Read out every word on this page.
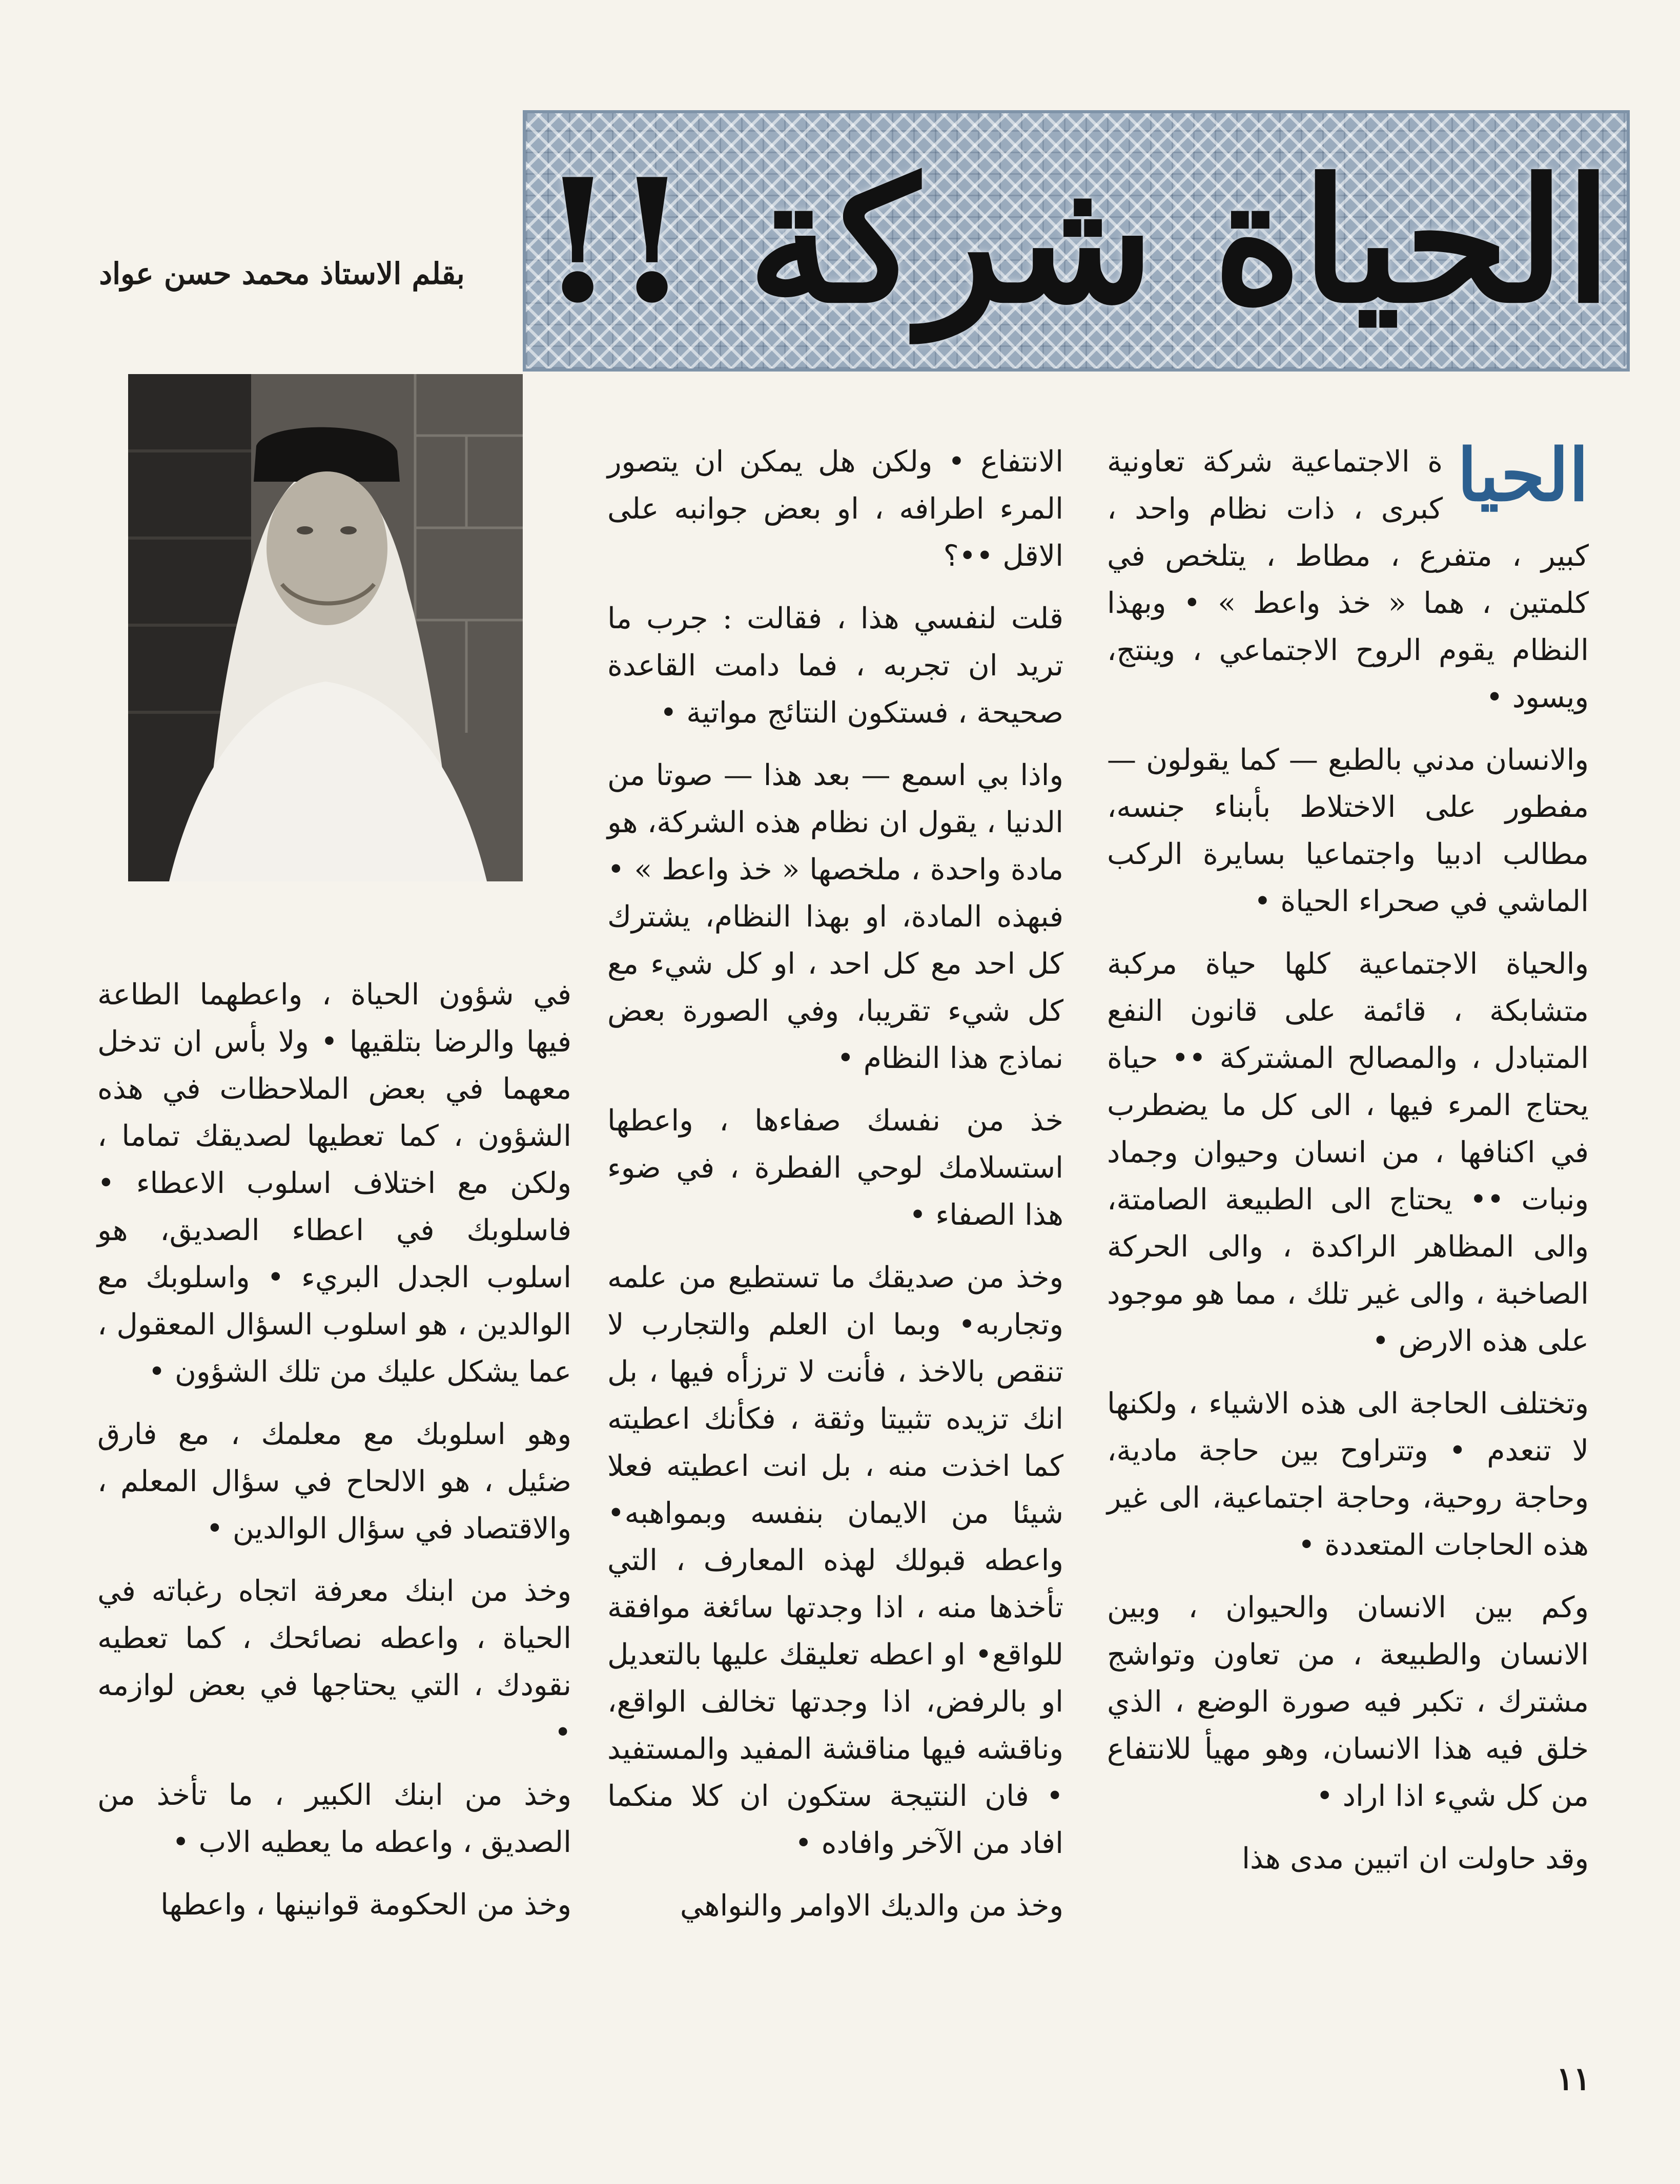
الحياة شركة !!
بقلم الاستاذ محمد حسن عواد

الحيا
ة الاجتماعية شركة تعاونية كبرى ، ذات نظام واحد ، كبير ، متفرع ، مطاط ، يتلخص في كلمتين ، هما « خذ واعط » • وبهذا النظام يقوم الروح الاجتماعي ، وينتج، ويسود •

والانسان مدني بالطبع — كما يقولون — مفطور على الاختلاط بأبناء جنسه، مطالب ادبيا واجتماعيا بسايرة الركب الماشي في صحراء الحياة •

والحياة الاجتماعية كلها حياة مركبة متشابكة ، قائمة على قانون النفع المتبادل ، والمصالح المشتركة •• حياة يحتاج المرء فيها ، الى كل ما يضطرب في اكنافها ، من انسان وحيوان وجماد ونبات •• يحتاج الى الطبيعة الصامتة، والى المظاهر الراكدة ، والى الحركة الصاخبة ، والى غير تلك ، مما هو موجود على هذه الارض •

وتختلف الحاجة الى هذه الاشياء ، ولكنها لا تنعدم • وتتراوح بين حاجة مادية، وحاجة روحية، وحاجة اجتماعية، الى غير هذه الحاجات المتعددة •

وكم بين الانسان والحيوان ، وبين الانسان والطبيعة ، من تعاون وتواشج مشترك ، تكبر فيه صورة الوضع ، الذي خلق فيه هذا الانسان، وهو مهيأ للانتفاع من كل شيء اذا اراد •

وقد حاولت ان اتبين مدى هذا

الانتفاع • ولكن هل يمكن ان يتصور المرء اطرافه ، او بعض جوانبه على الاقل ••؟

قلت لنفسي هذا ، فقالت : جرب ما تريد ان تجربه ، فما دامت القاعدة صحيحة ، فستكون النتائج مواتية •

واذا بي اسمع — بعد هذا — صوتا من الدنيا ، يقول ان نظام هذه الشركة، هو مادة واحدة ، ملخصها « خذ واعط » • فبهذه المادة، او بهذا النظام، يشترك كل احد مع كل احد ، او كل شيء مع كل شيء تقريبا، وفي الصورة بعض نماذج هذا النظام •

خذ من نفسك صفاءها ، واعطها استسلامك لوحي الفطرة ، في ضوء هذا الصفاء •

وخذ من صديقك ما تستطيع من علمه وتجاربه• وبما ان العلم والتجارب لا تنقص بالاخذ ، فأنت لا ترزأه فيها ، بل انك تزيده تثبيتا وثقة ، فكأنك اعطيته كما اخذت منه ، بل انت اعطيته فعلا شيئا من الايمان بنفسه وبمواهبه• واعطه قبولك لهذه المعارف ، التي تأخذها منه ، اذا وجدتها سائغة موافقة للواقع• او اعطه تعليقك عليها بالتعديل او بالرفض، اذا وجدتها تخالف الواقع، وناقشه فيها مناقشة المفيد والمستفيد • فان النتيجة ستكون ان كلا منكما افاد من الآخر وافاده •

وخذ من والديك الاوامر والنواهي

في شؤون الحياة ، واعطهما الطاعة فيها والرضا بتلقيها • ولا بأس ان تدخل معهما في بعض الملاحظات في هذه الشؤون ، كما تعطيها لصديقك تماما ، ولكن مع اختلاف اسلوب الاعطاء • فاسلوبك في اعطاء الصديق، هو اسلوب الجدل البريء • واسلوبك مع الوالدين ، هو اسلوب السؤال المعقول ، عما يشكل عليك من تلك الشؤون •

وهو اسلوبك مع معلمك ، مع فارق ضئيل ، هو الالحاح في سؤال المعلم ، والاقتصاد في سؤال الوالدين •

وخذ من ابنك معرفة اتجاه رغباته في الحياة ، واعطه نصائحك ، كما تعطيه نقودك ، التي يحتاجها في بعض لوازمه •

وخذ من ابنك الكبير ، ما تأخذ من الصديق ، واعطه ما يعطيه الاب •

وخذ من الحكومة قوانينها ، واعطها

١١
